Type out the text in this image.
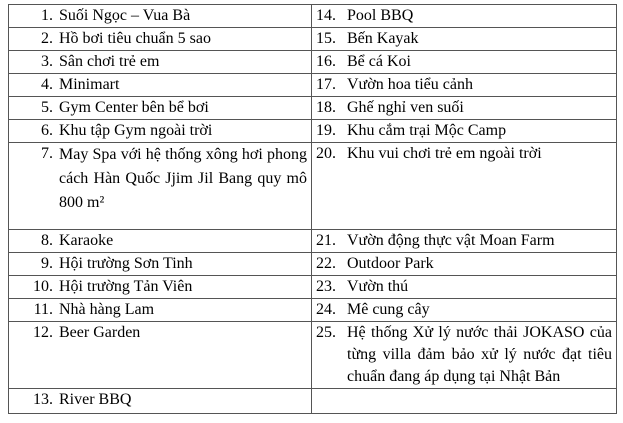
1. Suối Ngọc – Vua Bà	14. Pool BBQ

2. Hồ bơi tiêu chuẩn 5 sao	15. Bến Kayak

3. Sân chơi trẻ em	16. Bể cá Koi

4. Minimart	17. Vườn hoa tiểu cảnh

5. Gym Center bên bể bơi	18. Ghế nghỉ ven suối

6. Khu tập Gym ngoài trời	19. Khu cắm trại Mộc Camp

7. May Spa với hệ thống xông hơi phong cách Hàn Quốc Jjim Jil Bang quy mô 800 m²	20. Khu vui chơi trẻ em ngoài trời

8. Karaoke	21. Vườn động thực vật Moan Farm

9. Hội trường Sơn Tinh	22. Outdoor Park

10. Hội trường Tản Viên	23. Vườn thú

11. Nhà hàng Lam	24. Mê cung cây

12. Beer Garden	25. Hệ thống Xử lý nước thải JOKASO của từng villa đảm bảo xử lý nước đạt tiêu chuẩn đang áp dụng tại Nhật Bản

13. River BBQ	
